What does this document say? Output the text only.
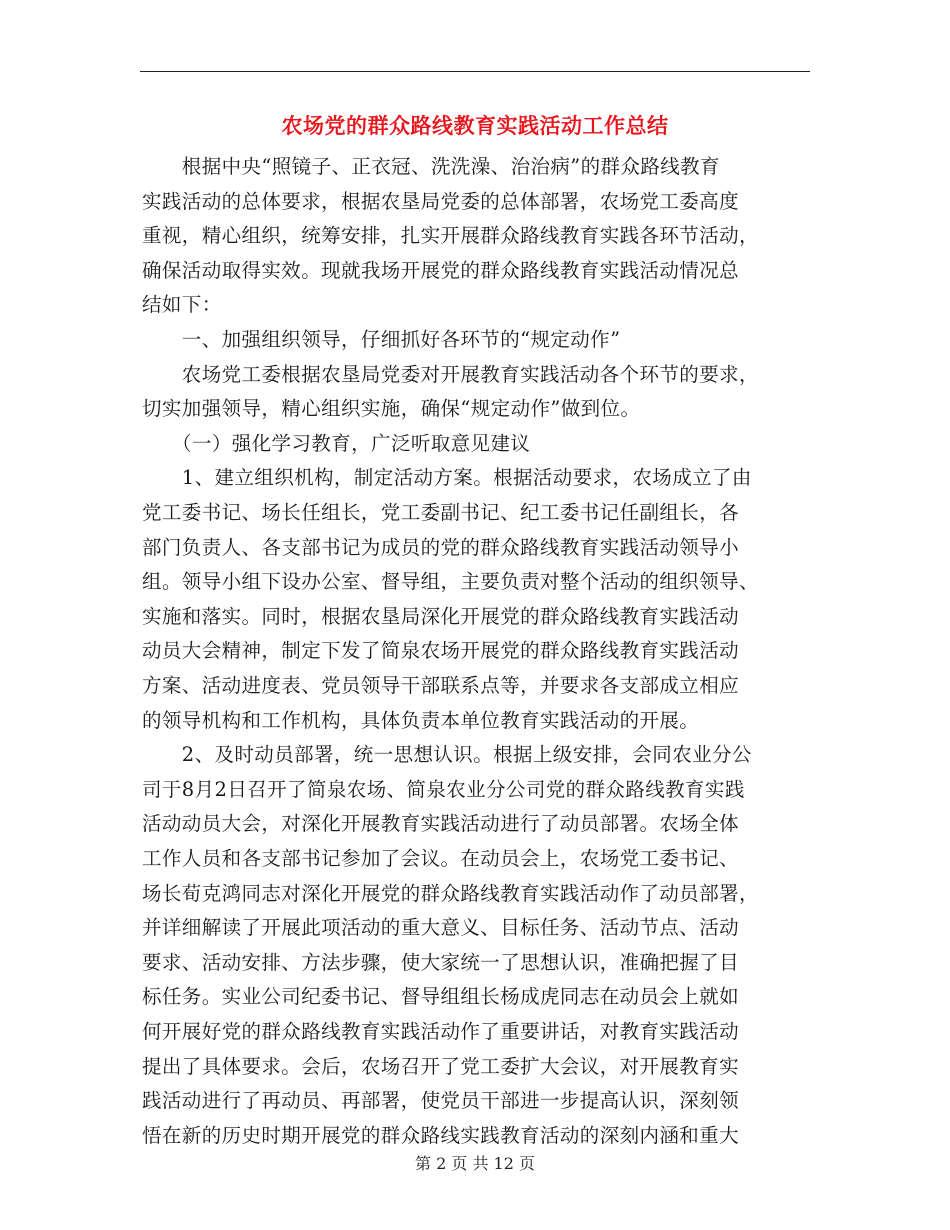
农场党的群众路线教育实践活动工作总结
　　根据中央“照镜子、正衣冠、洗洗澡、治治病”的群众路线教育
实践活动的总体要求，根据农垦局党委的总体部署，农场党工委高度
重视，精心组织，统筹安排，扎实开展群众路线教育实践各环节活动，
确保活动取得实效。现就我场开展党的群众路线教育实践活动情况总
结如下：
　　一、加强组织领导，仔细抓好各环节的“规定动作”
　　农场党工委根据农垦局党委对开展教育实践活动各个环节的要求，
切实加强领导，精心组织实施，确保“规定动作”做到位。
　　（一）强化学习教育，广泛听取意见建议
　　1、建立组织机构，制定活动方案。根据活动要求，农场成立了由
党工委书记、场长任组长，党工委副书记、纪工委书记任副组长，各
部门负责人、各支部书记为成员的党的群众路线教育实践活动领导小
组。领导小组下设办公室、督导组，主要负责对整个活动的组织领导、
实施和落实。同时，根据农垦局深化开展党的群众路线教育实践活动
动员大会精神，制定下发了简泉农场开展党的群众路线教育实践活动
方案、活动进度表、党员领导干部联系点等，并要求各支部成立相应
的领导机构和工作机构，具体负责本单位教育实践活动的开展。
　　2、及时动员部署，统一思想认识。根据上级安排，会同农业分公
司于8月2日召开了简泉农场、简泉农业分公司党的群众路线教育实践
活动动员大会，对深化开展教育实践活动进行了动员部署。农场全体
工作人员和各支部书记参加了会议。在动员会上，农场党工委书记、
场长荀克鸿同志对深化开展党的群众路线教育实践活动作了动员部署，
并详细解读了开展此项活动的重大意义、目标任务、活动节点、活动
要求、活动安排、方法步骤，使大家统一了思想认识，准确把握了目
标任务。实业公司纪委书记、督导组组长杨成虎同志在动员会上就如
何开展好党的群众路线教育实践活动作了重要讲话，对教育实践活动
提出了具体要求。会后，农场召开了党工委扩大会议，对开展教育实
践活动进行了再动员、再部署，使党员干部进一步提高认识，深刻领
悟在新的历史时期开展党的群众路线实践教育活动的深刻内涵和重大
第 2 页 共 12 页
